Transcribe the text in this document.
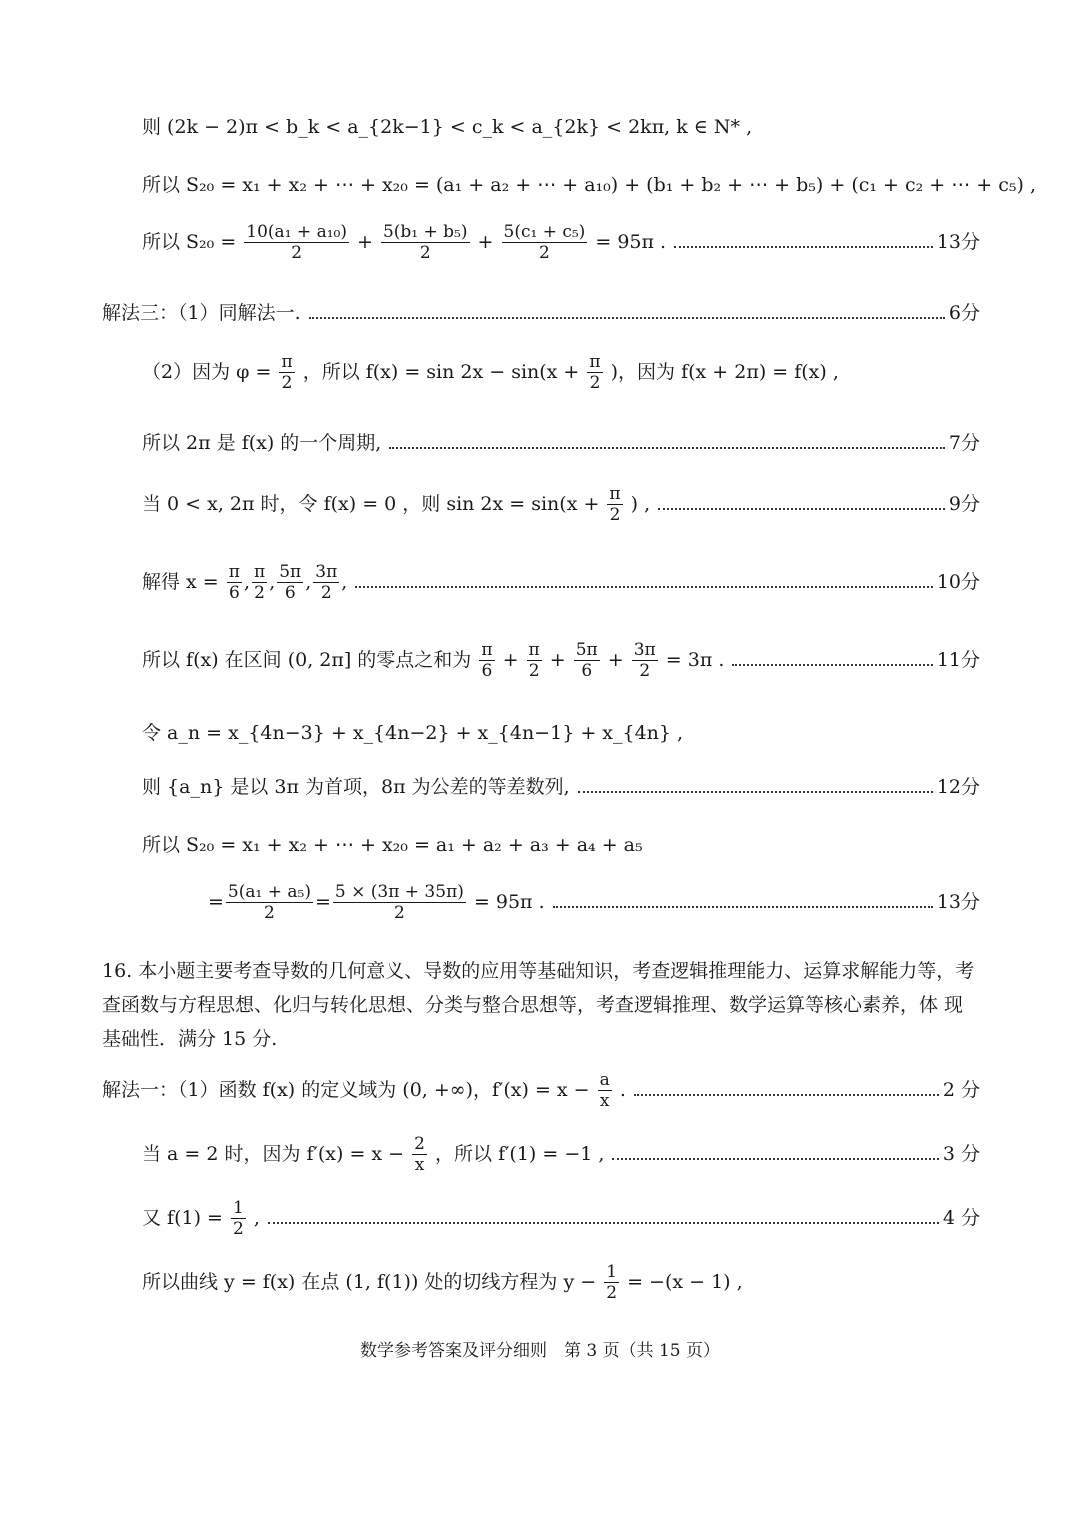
则 (2k − 2)π < b_k < a_{2k−1} < c_k < a_{2k} < 2kπ, k ∈ N* ,
所以 S₂₀ = x₁ + x₂ + ⋯ + x₂₀ = (a₁ + a₂ + ⋯ + a₁₀) + (b₁ + b₂ + ⋯ + b₅) + (c₁ + c₂ + ⋯ + c₅) ,
所以 $S_{20} = \frac{\text{10(a₁ + a₁₀)}}{2} + \frac{\text{5(b₁ + b₅)}}{2} + \frac{\text{5(c₁ + c₅)}}{2} = 95\pi$ .	13分
解法三：（1）同解法一.	6分
（2）因为 $\varphi = \frac{\pi}{2}$ ，所以 $f(x) = \sin 2x - \sin(x + \frac{\pi}{2}$ )，因为 f(x + 2π) = f(x) ,
所以 2π 是 f(x) 的一个周期,	7分
当 0 < x, 2π 时，令 f(x) = 0 ，则 $\sin 2x = \sin(x + \frac{\pi}{2}$ ) ,	9分
解得 $x = \frac{\pi}{6}$ , $\frac{\pi}{2}$ , $\frac{5\pi}{6}$ , $\frac{3\pi}{2}$ ,	10分
所以 f(x) 在区间 (0, 2π] 的零点之和为 $\frac{\pi}{6} + \frac{\pi}{2} + \frac{5\pi}{6} + \frac{3\pi}{2} = 3\pi$ .	11分
令 a_n = x_{4n−3} + x_{4n−2} + x_{4n−1} + x_{4n} ,
则 {a_n} 是以 3π 为首项，8π 为公差的等差数列,	12分
所以 S₂₀ = x₁ + x₂ + ⋯ + x₂₀ = a₁ + a₂ + a₃ + a₄ + a₅
= $\frac{\text{5(a₁ + a₅)}}{2} = \frac{5 \times (3\pi + 35\pi)}{2} = 95\pi$ .	13分
16. 本小题主要考查导数的几何意义、导数的应用等基础知识，考查逻辑推理能力、运算求解能力等，考查函数与方程思想、化归与转化思想、分类与整合思想等，考查逻辑推理、数学运算等核心素养，体 现基础性．满分 15 分.
解法一：（1）函数 f(x) 的定义域为 (0, +∞)，$f'(x) = x - \frac{a}{x}$ .	2 分
当 a = 2 时，因为 $f'(x) = x - \frac{2}{x}$ ，所以 f′(1) = −1 ,	3 分
又 $f(1) = \frac{1}{2}$ ,	4 分
所以曲线 y = f(x) 在点 (1, f(1)) 处的切线方程为 $y - \frac{1}{2} = -(x - 1)$ ,
数学参考答案及评分细则　第 3 页（共 15 页）
